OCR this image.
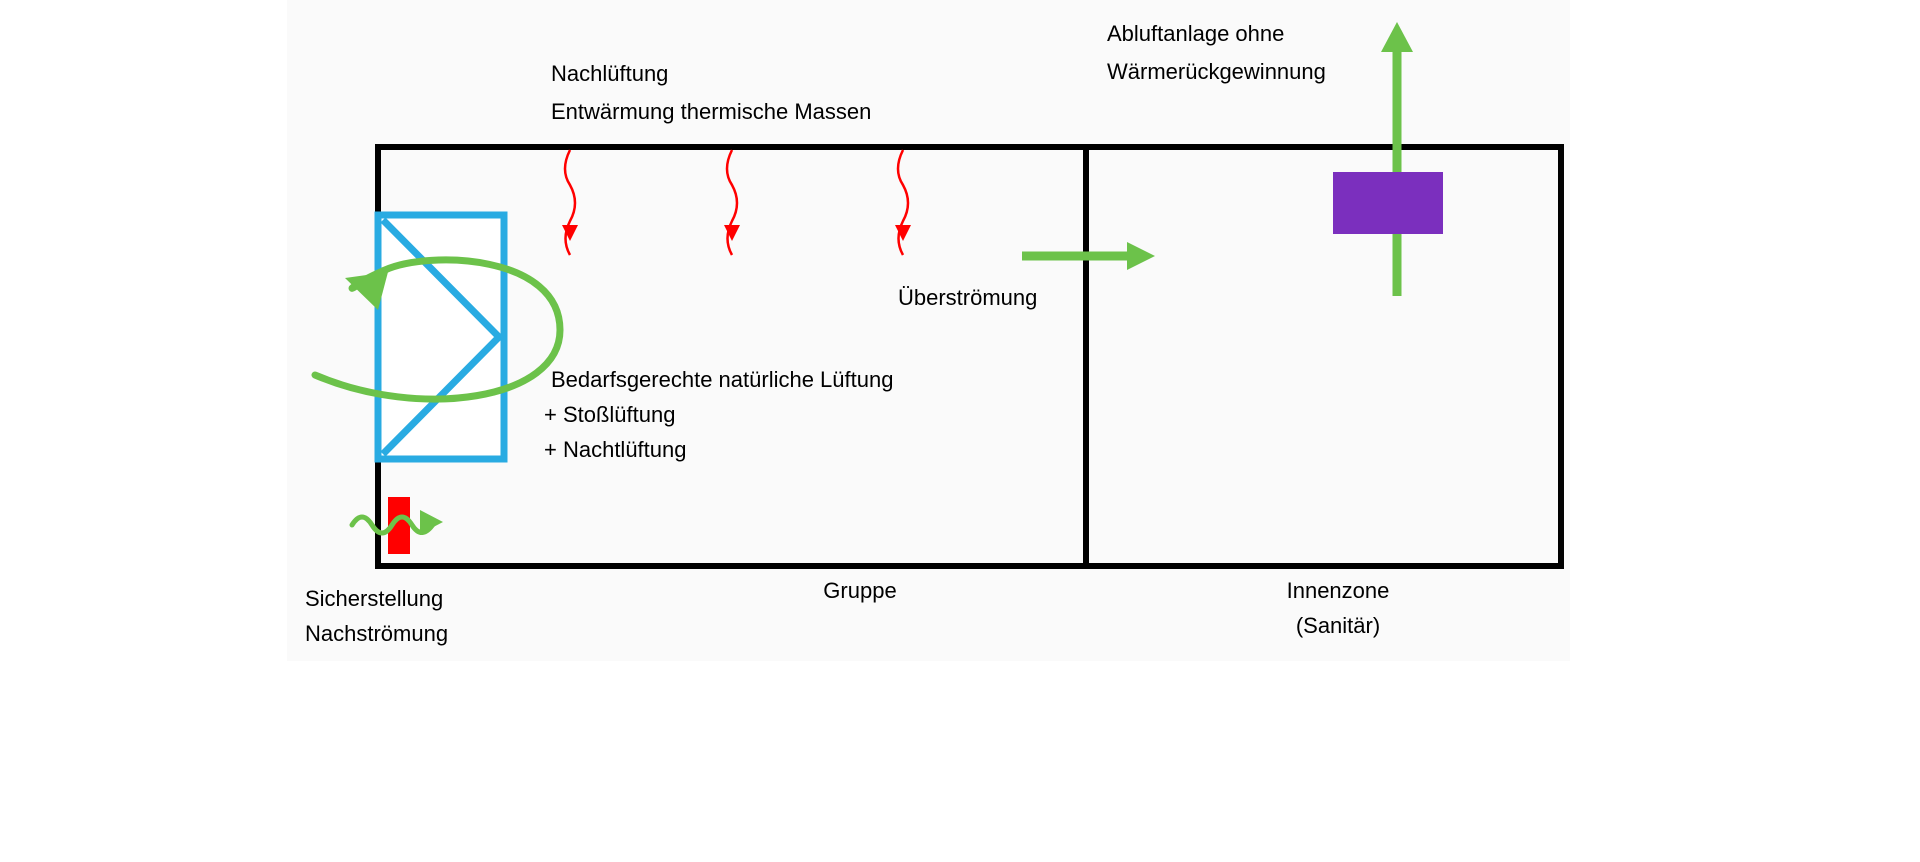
Nachlüftung
Entwärmung thermische Massen
Abluftanlage ohne
Wärmerückgewinnung
Überströmung
Bedarfsgerechte natürliche Lüftung
+ Stoßlüftung
+ Nachtlüftung
Sicherstellung
Nachströmung
Gruppe	Innenzone
(Sanitär)
